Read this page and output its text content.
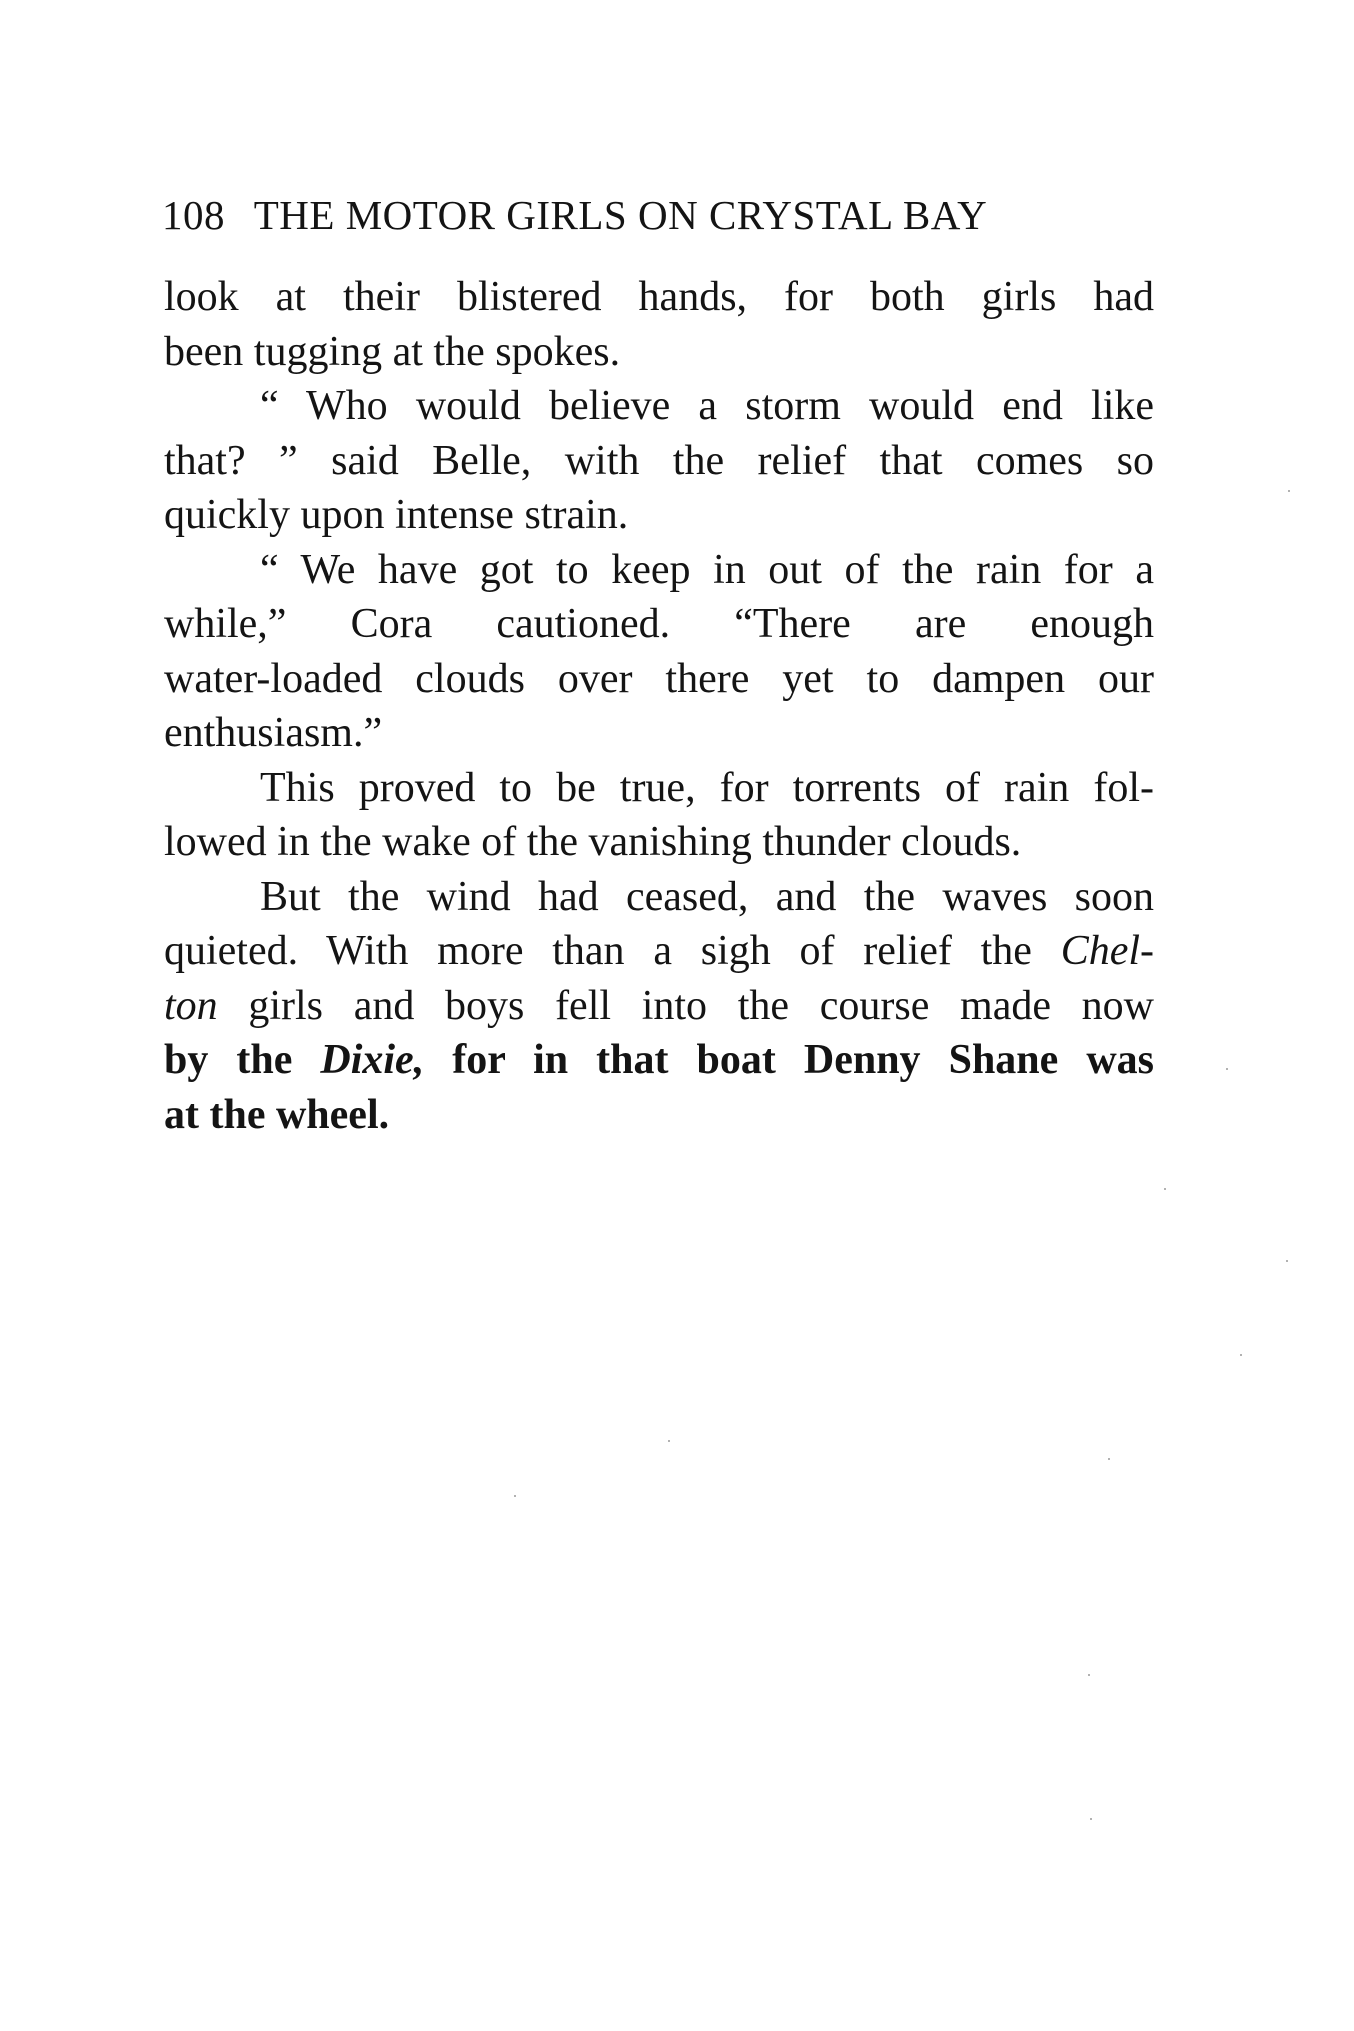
108 THE MOTOR GIRLS ON CRYSTAL BAY

look at their blistered hands, for both girls had
been tugging at the spokes.

“ Who would believe a storm would end like
that? ” said Belle, with the relief that comes so
quickly upon intense strain.

“ We have got to keep in out of the rain for a
while,” Cora cautioned. “There are enough
water-loaded clouds over there yet to dampen our
enthusiasm.”

This proved to be true, for torrents of rain fol-
lowed in the wake of the vanishing thunder clouds.

But the wind had ceased, and the waves soon
quieted. With more than a sigh of relief the Chel-
ton girls and boys fell into the course made now
by the Dixie, for in that boat Denny Shane was
at the wheel.
